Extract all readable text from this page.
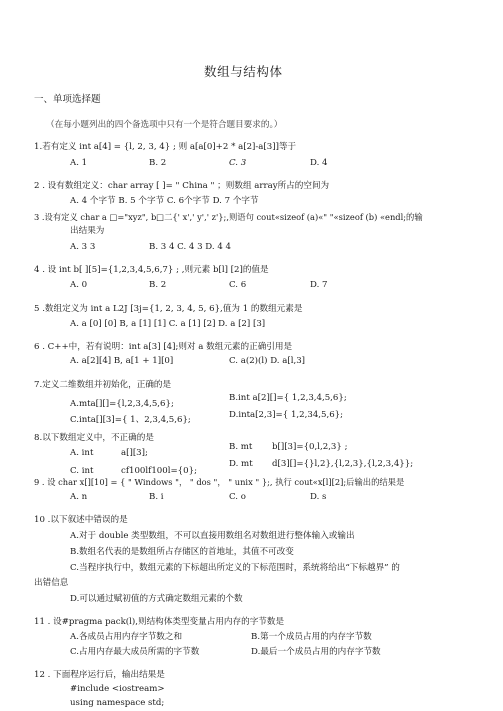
数组与结构体
一、单项选择题
（在每小题列出的四个备选项中只有一个是符合题目要求的。）
1.若有定义 int a[4] = {l, 2, 3, 4} ; 则 a[a[0]+2 * a[2]-a[3]]等于
A. 1	B. 2	C. 3	D. 4
2 . 设有数组定义：char array [ ]= " China " ；则数组 array所占的空间为
A. 4 个字节 B. 5 个字节 C. 6个字节 D. 7 个字节
3 .设有定义 char a □="xyz", b□二{' x',' y',' z'};,则语句 cout«sizeof (a)«" "«sizeof (b) «endl;的输
出结果为
A. 3 3	B. 3 4 C. 4 3 D. 4 4
4 . 设 int b[ ][5]={1,2,3,4,5,6,7} ; ,则元素 b[l] [2]的值是
A. 0	B. 2	C. 6	D. 7
5 .数组定义为 int a L2J [3j={1, 2, 3, 4, 5, 6},值为 1 的数组元素是
A. a [0] [0] B, a [1] [1] C. a [1] [2] D. a [2] [3]
6 . C++中，若有说明：int a[3] [4];则对 a 数组元素的正确引用是
A. a[2][4] B, a[1 + 1][0]	C. a(2)(l) D. a[l,3]
7.定义二维数组并初始化，正确的是
A.mta[][]={l,2,3,4,5,6};
B.int a[2][]={ 1,2,3,4,5,6};
C.inta[][3]={ 1、2,3,4,5,6};	D.inta[2,3]={ 1,2,34,5,6};
8.以下数组定义中，不正确的是
A. int	a[][3];
B. mt b[][3]={0,l,2,3} ;
C. int	cf100lf100l={0};
D. mt d[3][]={}l,2},{l,2,3},{l,2,3,4}};
9 . 设 char x[][10] = { " Windows "， " dos "， " unix " };, 执行 cout«x[l][2];后输出的结果是
A. n	B. i	C. o	D. s
10 .以下叙述中错误的是
A.对于 double 类型数组，不可以直接用数组名对数组进行整体输入或输出
B.数组名代表的是数组所占存储区的首地址，其值不可改变
C.当程序执行中，数组元素的下标超出所定义的下标范围时，系统将给出“下标越界” 的
出错信息
D.可以通过赋初值的方式确定数组元素的个数
11 . 设#pragma pack(l),则结构体类型变量占用内存的字节数是
A.各成员占用内存字节数之和	B.第一个成员占用的内存字节数
C.占用内存最大成员所需的字节数	D.最后一个成员占用的内存字节数
12 . 下面程序运行后，输出结果是
#include <iostream>
using namespace std;
